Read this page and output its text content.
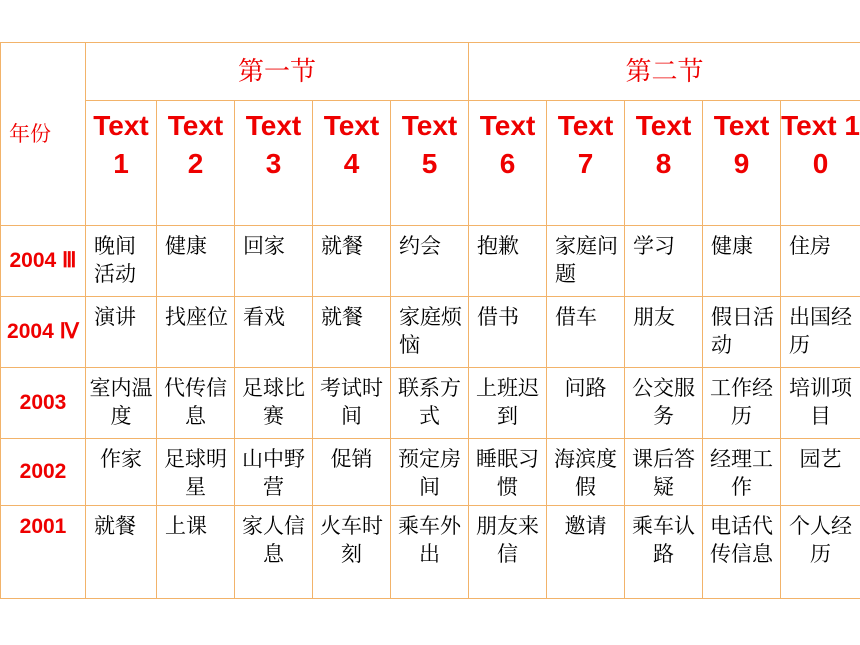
年份	第一节					第二节				
	Text 1	Text 2	Text 3	Text 4	Text 5	Text 6	Text 7	Text 8	Text 9	Text 10
2004 Ⅲ	晚间活动	健康	回家	就餐	约会	抱歉	家庭问题	学习	健康	住房
2004 Ⅳ	演讲	找座位	看戏	就餐	家庭烦恼	借书	借车	朋友	假日活动	出国经历
2003	室内温度	代传信息	足球比赛	考试时间	联系方式	上班迟到	问路	公交服务	工作经历	培训项目
2002	作家	足球明星	山中野营	促销	预定房间	睡眠习惯	海滨度假	课后答疑	经理工作	园艺
2001	就餐	上课	家人信息	火车时刻	乘车外出	朋友来信	邀请	乘车认路	电话代传信息	个人经历
